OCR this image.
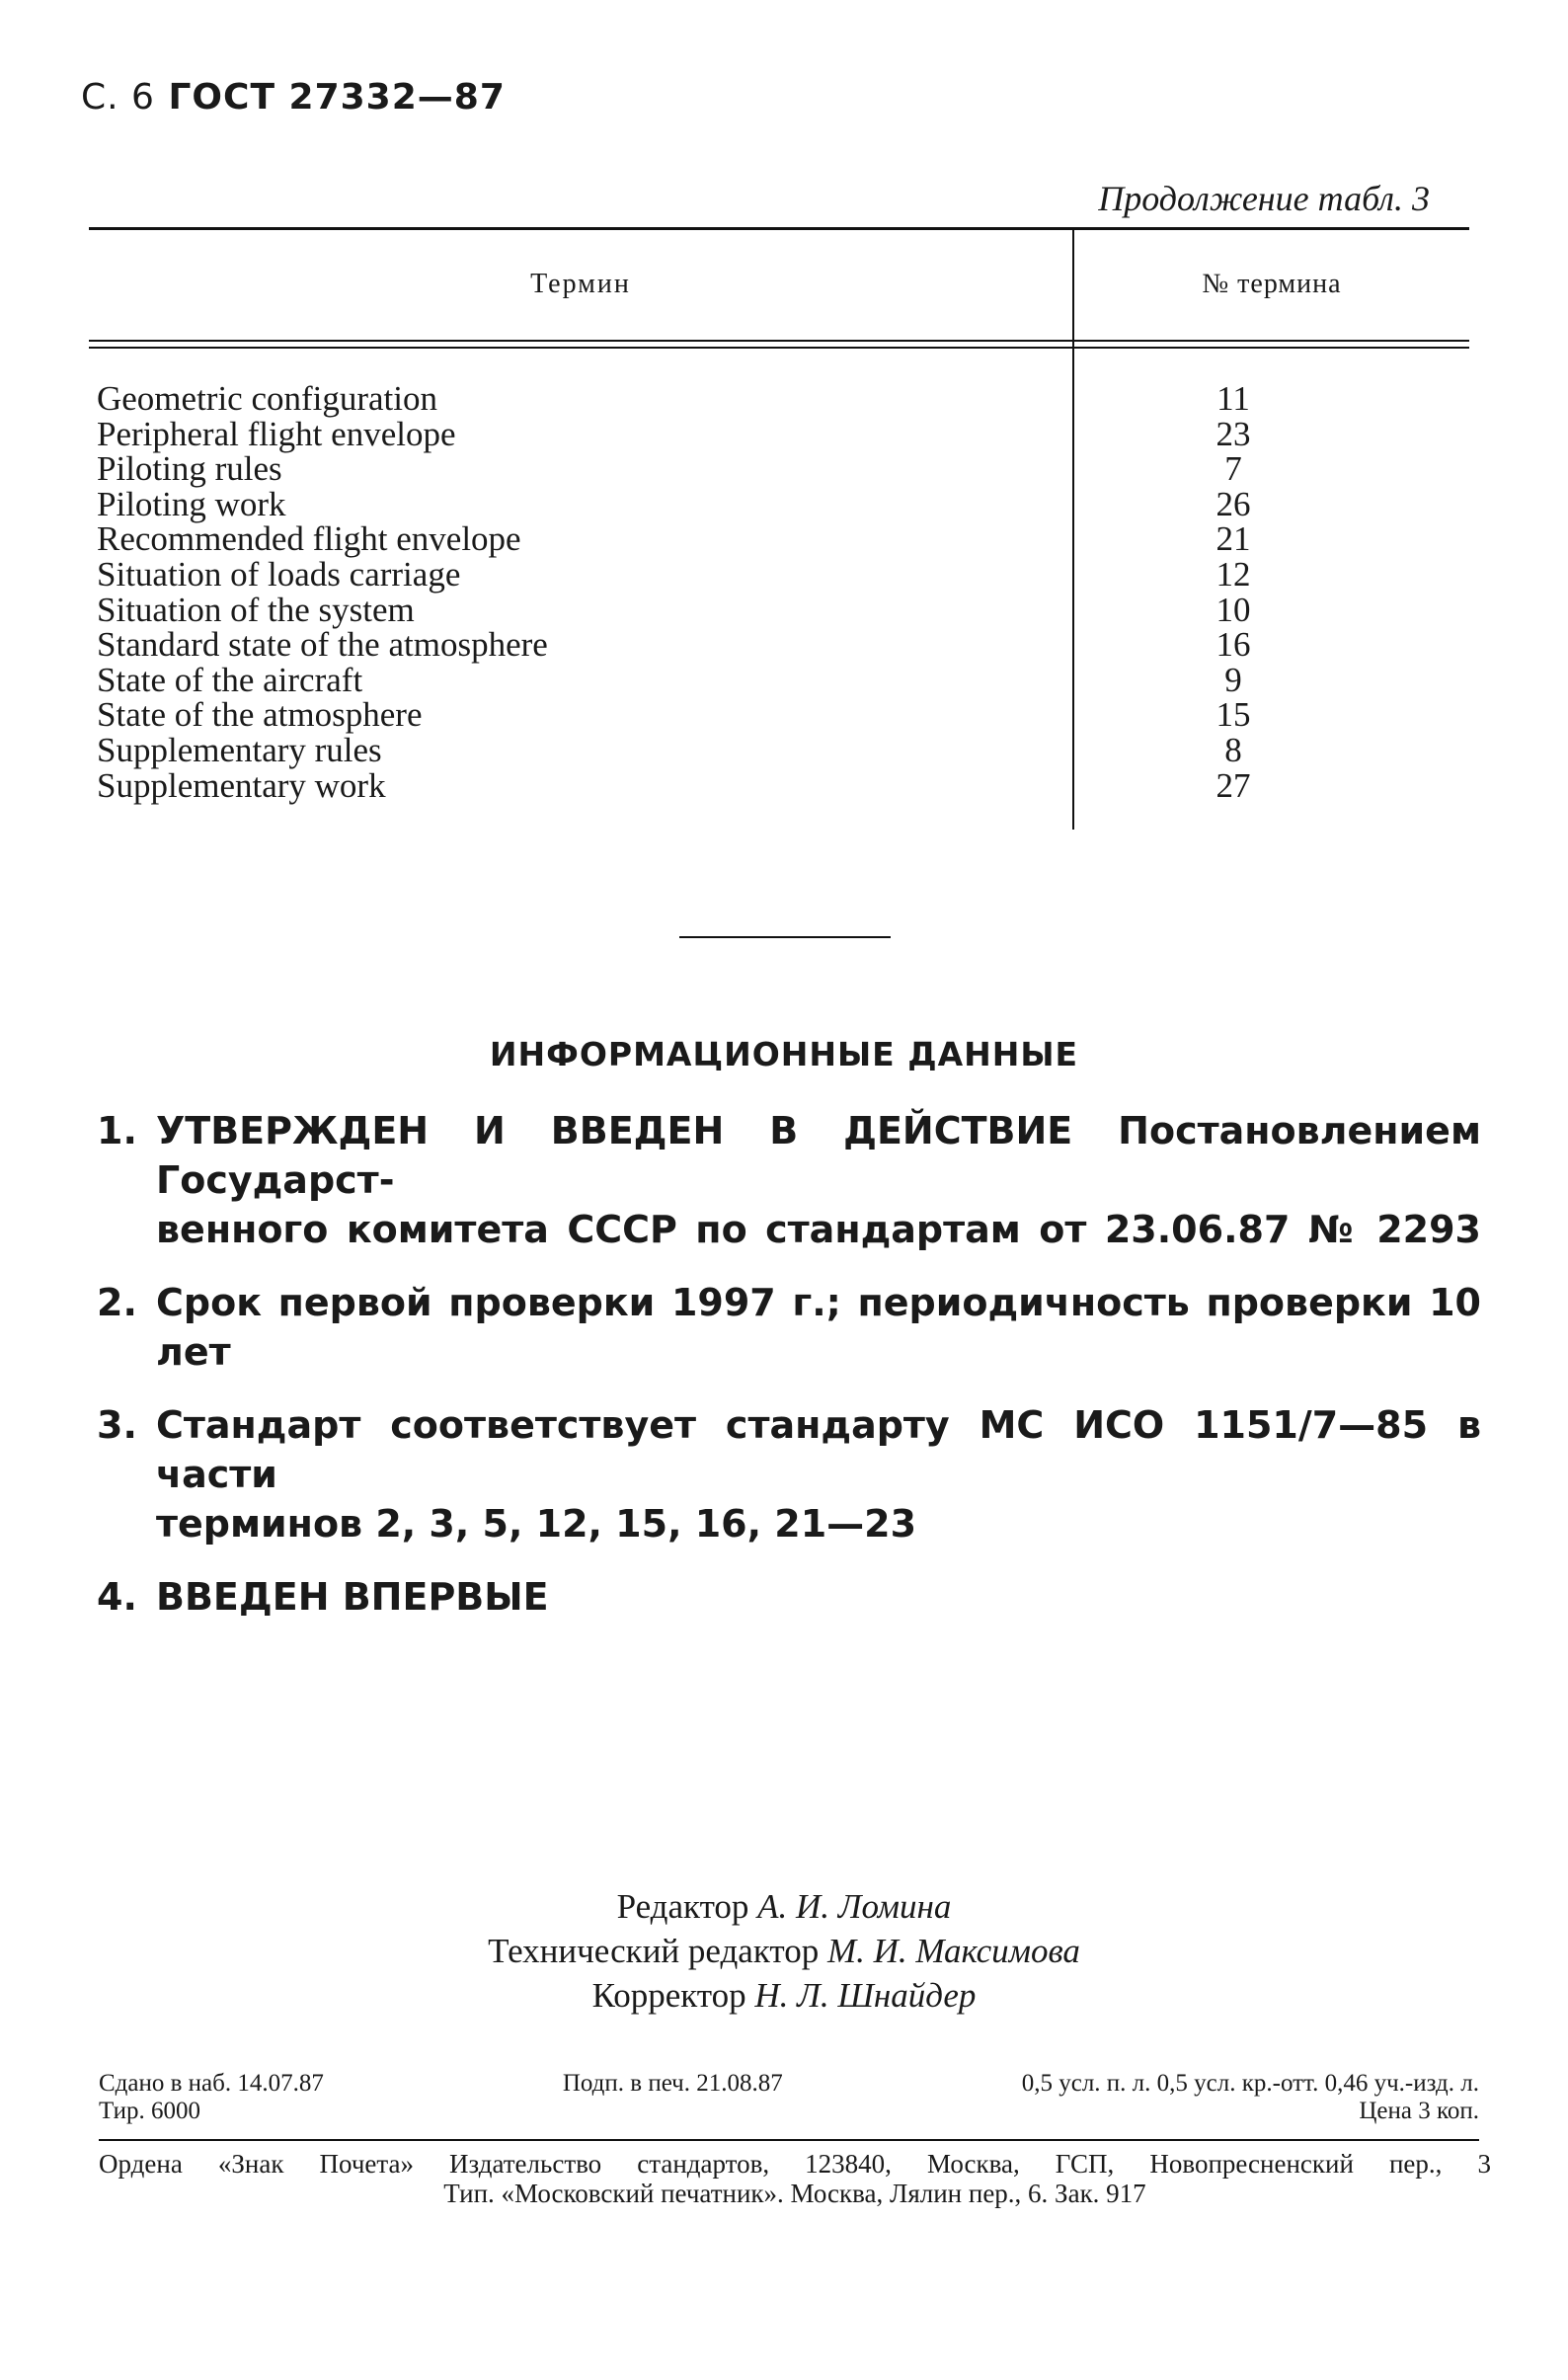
С. 6 ГОСТ 27332—87
Продолжение табл. 3
Термин	№ термина
Geometric configuration	11
Peripheral flight envelope	23
Piloting rules	7
Piloting work	26
Recommended flight envelope	21
Situation of loads carriage	12
Situation of the system	10
Standard state of the atmosphere	16
State of the aircraft	9
State of the atmosphere	15
Supplementary rules	8
Supplementary work	27
ИНФОРМАЦИОННЫЕ ДАННЫЕ
1. УТВЕРЖДЕН И ВВЕДЕН В ДЕЙСТВИЕ Постановлением Государст-
венного комитета СССР по стандартам от 23.06.87 № 2293
2. Срок первой проверки 1997 г.; периодичность проверки 10 лет
3. Стандарт соответствует стандарту МС ИСО 1151/7—85 в части
терминов 2, 3, 5, 12, 15, 16, 21—23
4. ВВЕДЕН ВПЕРВЫЕ
Редактор А. И. Ломина
Технический редактор М. И. Максимова
Корректор Н. Л. Шнайдер
Сдано в наб. 14.07.87	Подп. в печ. 21.08.87	0,5 усл. п. л. 0,5 усл. кр.-отт. 0,46 уч.-изд. л.
Тир. 6000	Цена 3 коп.
Ордена «Знак Почета» Издательство стандартов, 123840, Москва, ГСП, Новопресненский пер., 3
Тип. «Московский печатник». Москва, Лялин пер., 6. Зак. 917
